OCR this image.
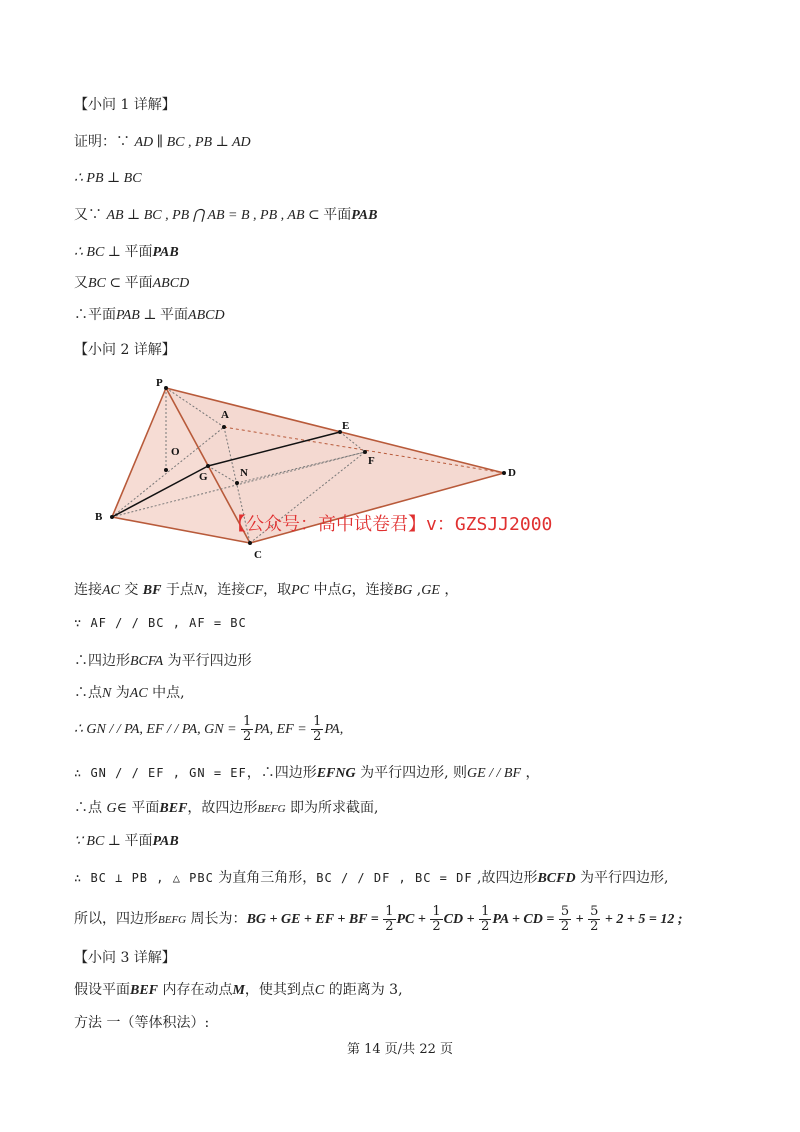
【小问 1 详解】
证明：∵ AD ∥ BC , PB ⊥ AD
∴ PB ⊥ BC
又∵ AB ⊥ BC , PB ⋂ AB = B , PB , AB ⊂ 平面PAB
∴ BC ⊥ 平面PAB
又BC ⊂ 平面ABCD
∴平面PAB ⊥ 平面ABCD
【小问 2 详解】
P
A
O
E
F
G	N
B
C
D
【公众号：高中试卷君】v：GZSJJ2000
连接AC 交 BF 于点N，连接CF，取PC 中点G，连接BG ,GE ，
∵ AF / / BC , AF = BC
∴四边形BCFA 为平行四边形
∴点N 为AC 中点,
∴ GN / / PA, EF / / PA, GN = $\frac{1}{2}$ PA, EF = $\frac{1}{2}$ PA,
∴ GN / / EF , GN = EF，∴四边形EFNG 为平行四边形, 则GE / / BF ，
∴点 G∈ 平面BEF，故四边形BEFG 即为所求截面,
∵ BC ⊥ 平面PAB
∴ BC ⊥ PB , △ PBC 为直角三角形，BC / / DF , BC = DF ,故四边形BCFD 为平行四边形,
所以，四边形BEFG 周长为：BG + GE + EF + BF = $\frac{1}{2}$ PC + $\frac{1}{2}$ CD + $\frac{1}{2}$ PA + CD = $\frac{5}{2} + \frac{5}{2} + 2 + 5 = 12$ ;
【小问 3 详解】
假设平面BEF 内存在动点M，使其到点C 的距离为 3,
方法 一（等体积法）:
第 14 页/共 22 页
